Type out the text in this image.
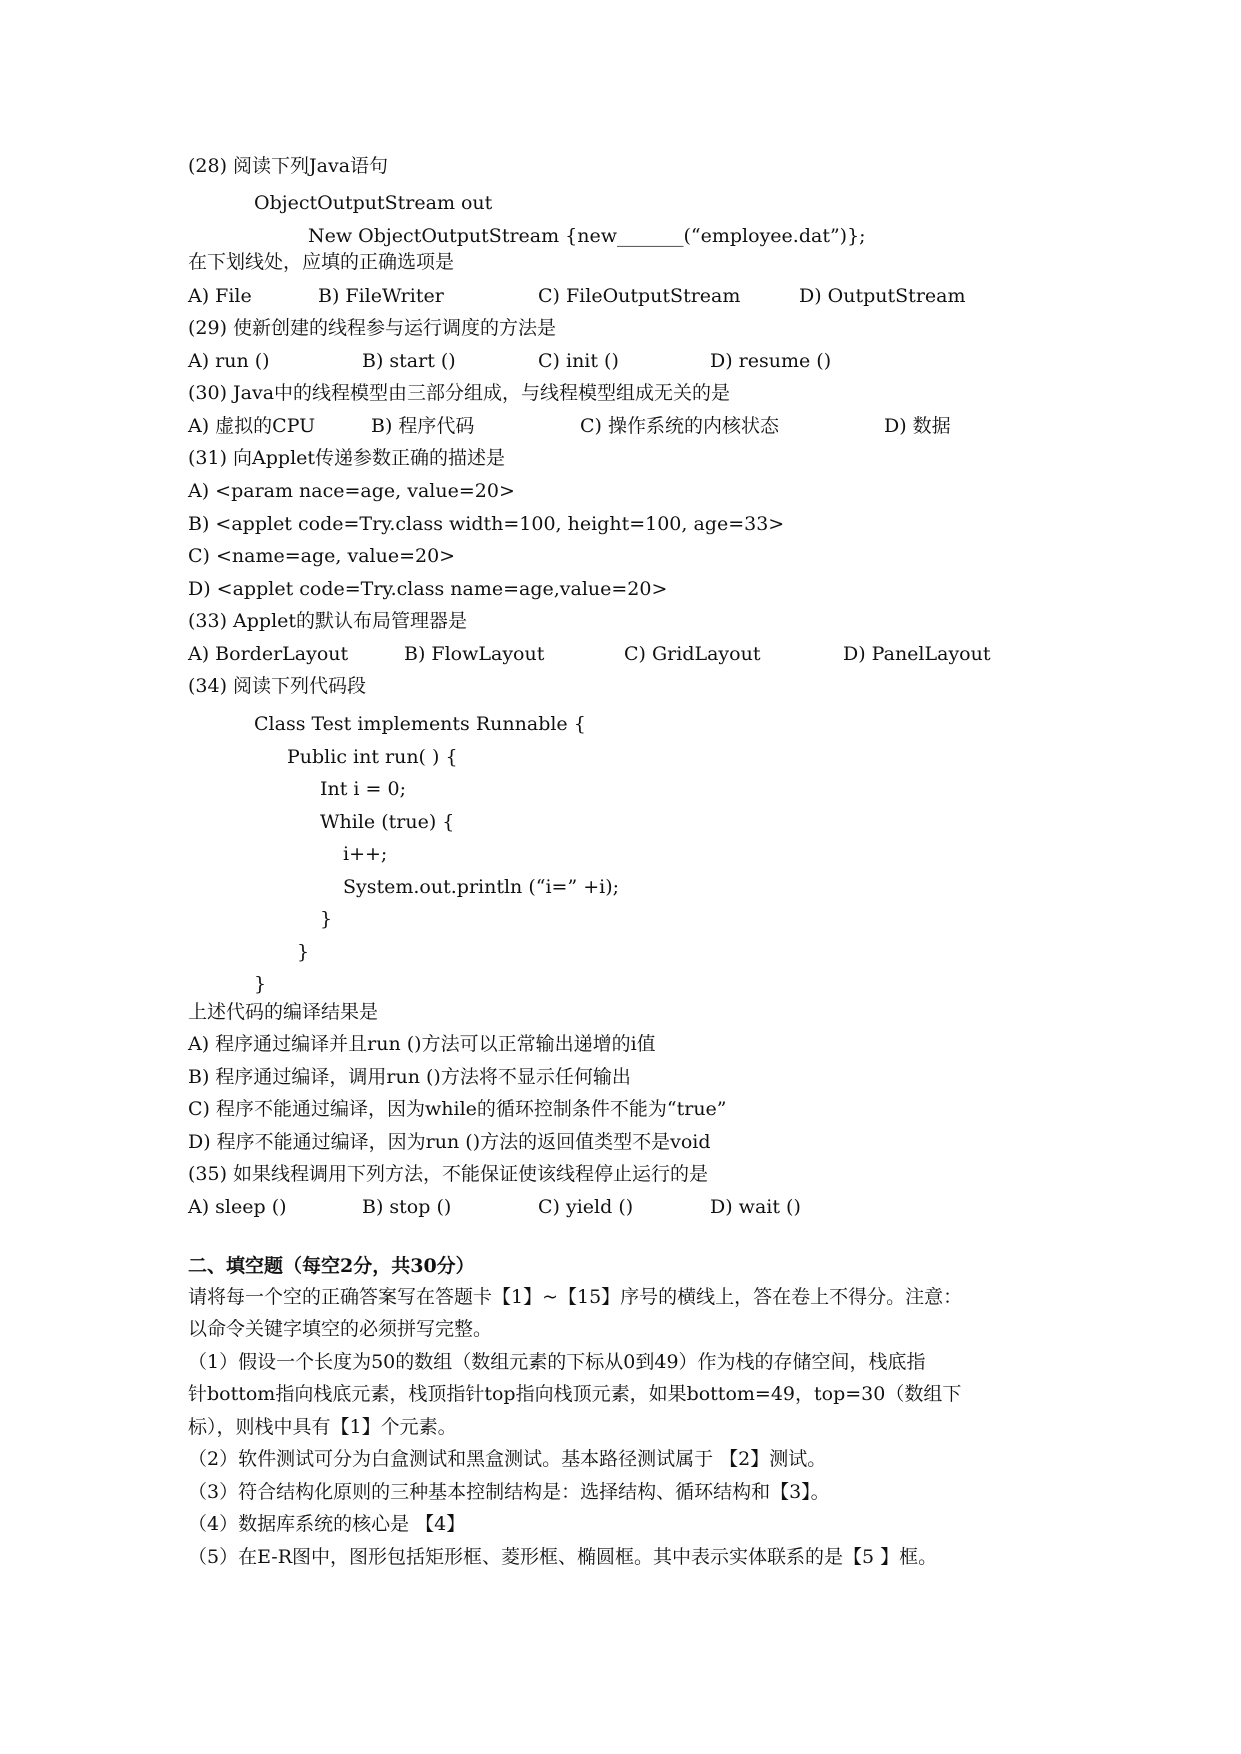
(28) 阅读下列Java语句
ObjectOutputStream out
New ObjectOutputStream {new_______(“employee.dat”)};
在下划线处，应填的正确选项是
A) File	B) FileWriter	C) FileOutputStream	D) OutputStream
(29) 使新创建的线程参与运行调度的方法是
A) run ()	B) start ()	C) init ()	D) resume ()
(30) Java中的线程模型由三部分组成，与线程模型组成无关的是
A) 虚拟的CPU	B) 程序代码	C) 操作系统的内核状态	D) 数据
(31) 向Applet传递参数正确的描述是
A) <param nace=age, value=20>
B) <applet code=Try.class width=100, height=100, age=33>
C) <name=age, value=20>
D) <applet code=Try.class name=age,value=20>
(33) Applet的默认布局管理器是
A) BorderLayout	B) FlowLayout	C) GridLayout	D) PanelLayout
(34) 阅读下列代码段
Class Test implements Runnable {
Public int run( ) {
Int i = 0;
While (true) {
i++;
System.out.println (“i=” +i);
}
}
}
上述代码的编译结果是
A) 程序通过编译并且run ()方法可以正常输出递增的i值
B) 程序通过编译，调用run ()方法将不显示任何输出
C) 程序不能通过编译，因为while的循环控制条件不能为“true”
D) 程序不能通过编译，因为run ()方法的返回值类型不是void
(35) 如果线程调用下列方法，不能保证使该线程停止运行的是
A) sleep ()	B) stop ()	C) yield ()	D) wait ()
二、填空题（每空2分，共30分）
请将每一个空的正确答案写在答题卡【1】~【15】序号的横线上，答在卷上不得分。注意：
以命令关键字填空的必须拼写完整。
（1）假设一个长度为50的数组（数组元素的下标从0到49）作为栈的存储空间，栈底指
针bottom指向栈底元素，栈顶指针top指向栈顶元素，如果bottom=49，top=30（数组下
标），则栈中具有【1】个元素。
（2）软件测试可分为白盒测试和黑盒测试。基本路径测试属于 【2】测试。
（3）符合结构化原则的三种基本控制结构是：选择结构、循环结构和【3】。
（4）数据库系统的核心是 【4】
（5）在E-R图中，图形包括矩形框、菱形框、椭圆框。其中表示实体联系的是【5 】框。
